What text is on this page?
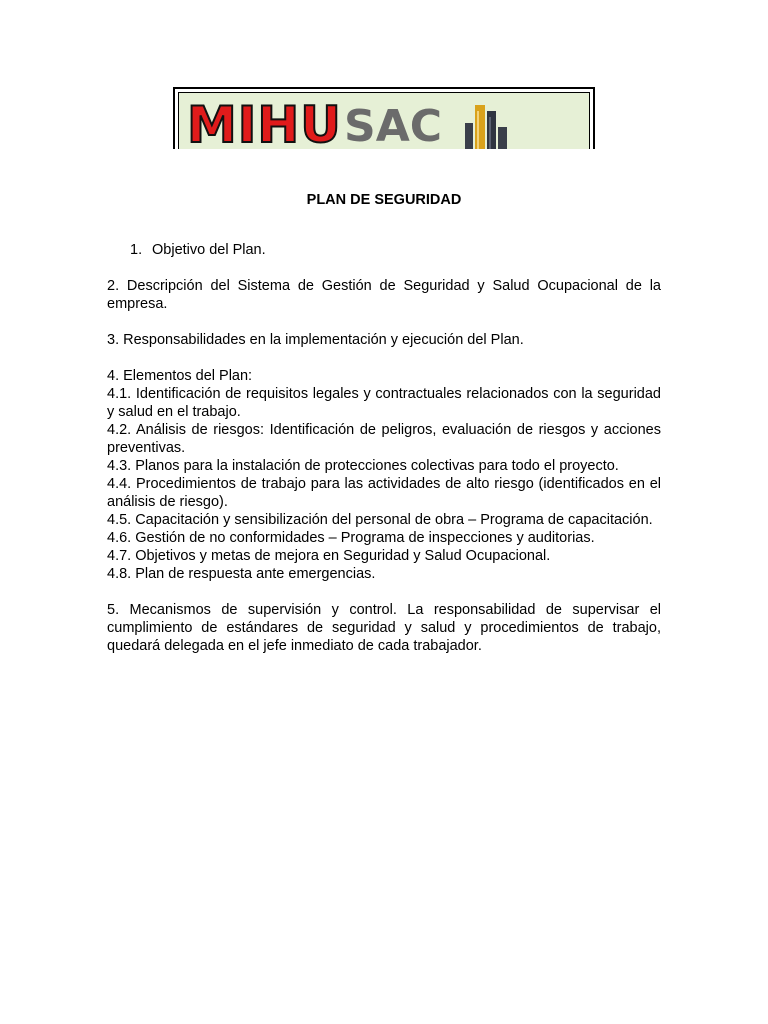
MIHU SAC
PLAN DE SEGURIDAD
1. Objetivo del Plan.

2. Descripción del Sistema de Gestión de Seguridad y Salud Ocupacional de la empresa.

3. Responsabilidades en la implementación y ejecución del Plan.

4. Elementos del Plan:

4.1. Identificación de requisitos legales y contractuales relacionados con la seguridad y salud en el trabajo.

4.2. Análisis de riesgos: Identificación de peligros, evaluación de riesgos y acciones preventivas.

4.3. Planos para la instalación de protecciones colectivas para todo el proyecto.

4.4. Procedimientos de trabajo para las actividades de alto riesgo (identificados en el análisis de riesgo).

4.5. Capacitación y sensibilización del personal de obra – Programa de capacitación.

4.6. Gestión de no conformidades – Programa de inspecciones y auditorias.

4.7. Objetivos y metas de mejora en Seguridad y Salud Ocupacional.

4.8. Plan de respuesta ante emergencias.

5. Mecanismos de supervisión y control. La responsabilidad de supervisar el cumplimiento de estándares de seguridad y salud y procedimientos de trabajo, quedará delegada en el jefe inmediato de cada trabajador.
